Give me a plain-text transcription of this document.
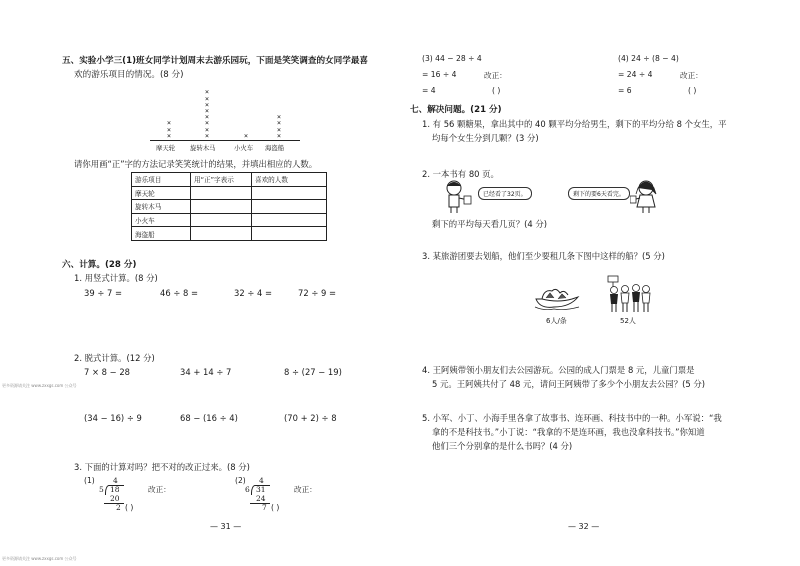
五、实验小学三(1)班女同学计划周末去游乐园玩，下面是笑笑调查的女同学最喜
欢的游乐项目的情况。(8 分)
×
×
×
×
×
×
×
×
×
×
×	×
×
×
×
×
摩天轮 旋转木马	小火车 海盗船
请你用画“正”字的方法记录笑笑统计的结果，并填出相应的人数。
游乐项目	用“正”字表示	喜欢的人数
摩天轮		
旋转木马		
小火车		
海盗船		
六、计算。(28 分)
1. 用竖式计算。(8 分)
39 ÷ 7 =	46 ÷ 8 =	32 ÷ 4 =	72 ÷ 9 =
2. 脱式计算。(12 分)
7 × 8 − 28	34 + 14 ÷ 7	8 ÷ (27 − 19)
更多资源请关注 www.zxxgs.com 公众号
(34 − 16) ÷ 9	68 − (16 ÷ 4)	(70 + 2) ÷ 8
3. 下面的计算对吗？把不对的改正过来。(8 分)
(1) 4
5 18
20
2 ( )
改正：
(2) 4
6 31
24
7 ( )
改正：
— 31 —
更多资源请关注 www.zxxgs.com 公众号
(3) 44 − 28 ÷ 4
= 16 ÷ 4	改正：
= 4	( )
(4) 24 ÷ (8 − 4)
= 24 ÷ 4	改正：
= 6	( )
七、解决问题。(21 分)
1. 有 56 颗糖果，拿出其中的 40 颗平均分给男生，剩下的平均分给 8 个女生，平
均每个女生分到几颗？(3 分)
2. 一本书有 80 页。
已经看了32页。	剩下的要6天看完。
剩下的平均每天看几页？(4 分)
3. 某旅游团要去划船，他们至少要租几条下图中这样的船？(5 分)
6人/条	52人
4. 王阿姨带领小朋友们去公园游玩。公园的成人门票是 8 元，儿童门票是
5 元。王阿姨共付了 48 元，请问王阿姨带了多少个小朋友去公园？(5 分)
5. 小军、小丁、小海手里各拿了故事书、连环画、科技书中的一种。小军说：“我
拿的不是科技书。”小丁说：“我拿的不是连环画，我也没拿科技书。”你知道
他们三个分别拿的是什么书吗？(4 分)
— 32 —
